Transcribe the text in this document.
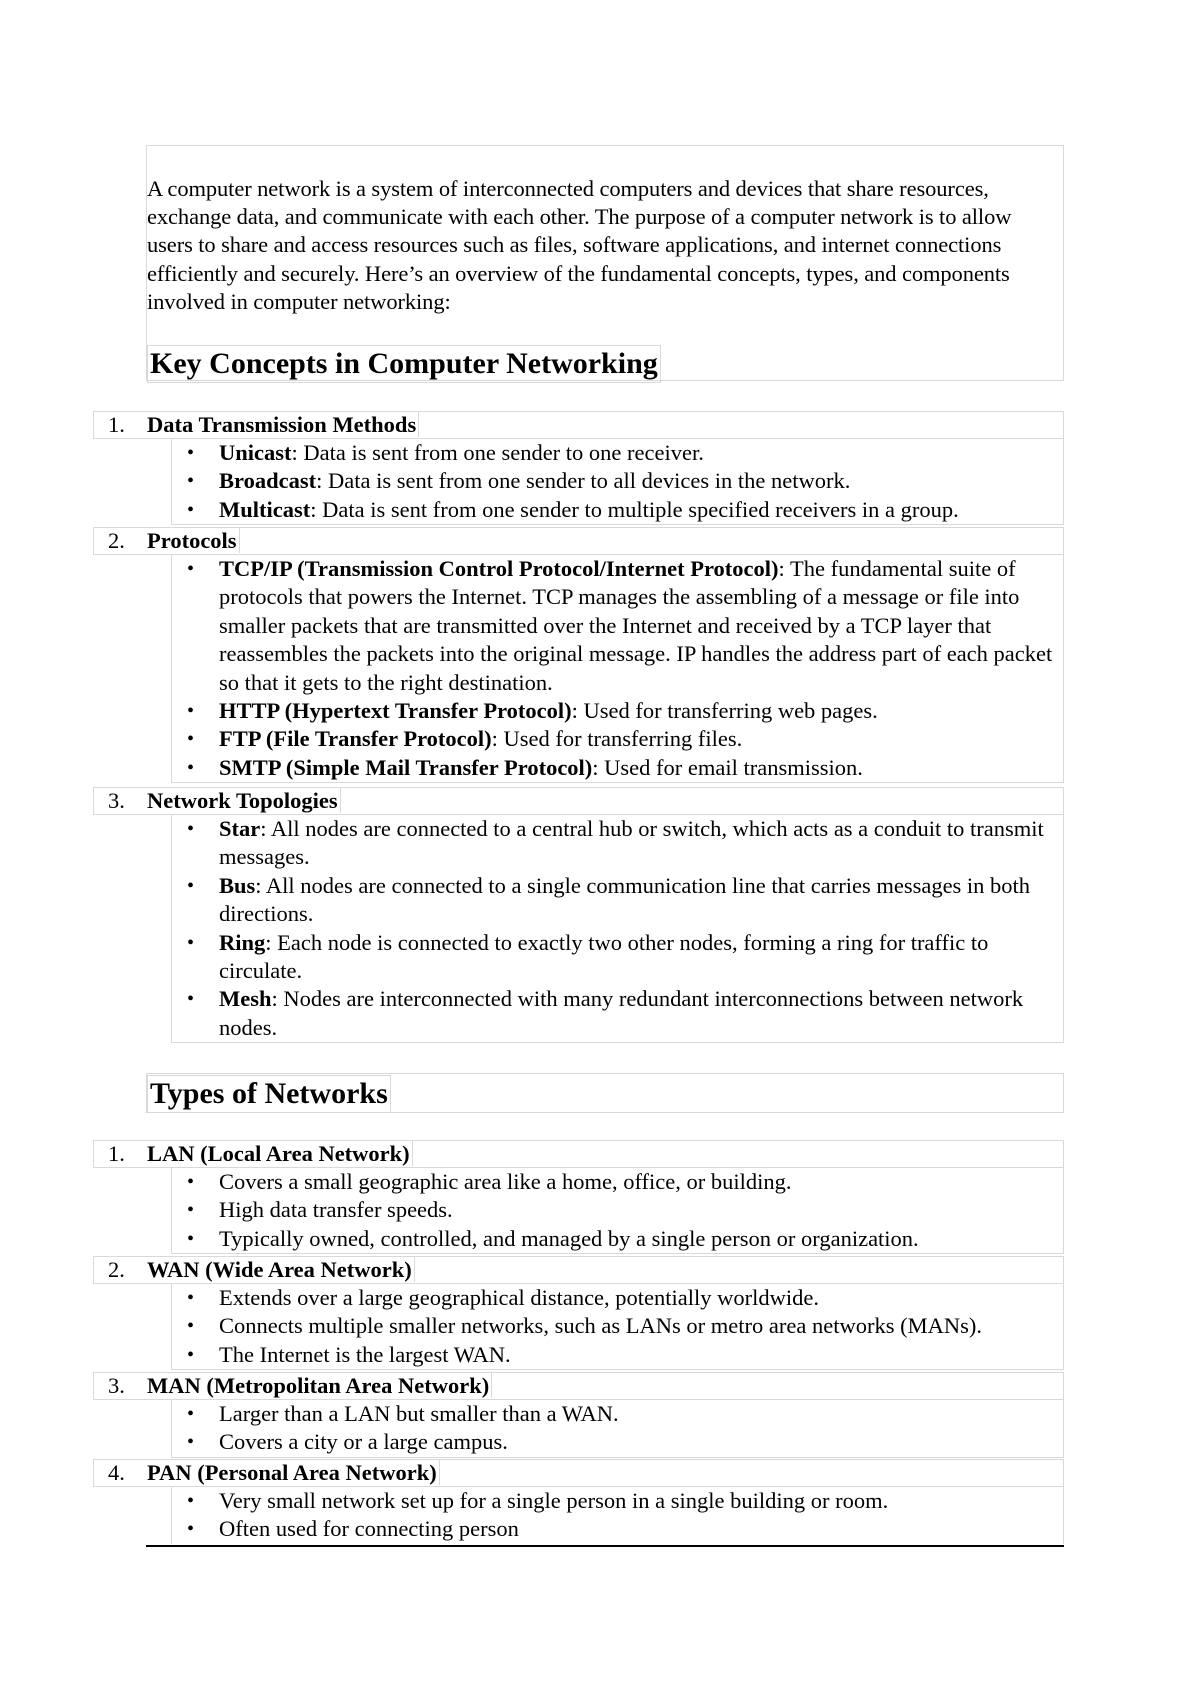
A computer network is a system of interconnected computers and devices that share resources, exchange data, and communicate with each other. The purpose of a computer network is to allow users to share and access resources such as files, software applications, and internet connections efficiently and securely. Here’s an overview of the fundamental concepts, types, and components involved in computer networking:

Key Concepts in Computer Networking
1. Data Transmission Methods
• Unicast: Data is sent from one sender to one receiver.
• Broadcast: Data is sent from one sender to all devices in the network.
• Multicast: Data is sent from one sender to multiple specified receivers in a group.
2. Protocols
• TCP/IP (Transmission Control Protocol/Internet Protocol): The fundamental suite of protocols that powers the Internet. TCP manages the assembling of a message or file into smaller packets that are transmitted over the Internet and received by a TCP layer that reassembles the packets into the original message. IP handles the address part of each packet so that it gets to the right destination.
• HTTP (Hypertext Transfer Protocol): Used for transferring web pages.
• FTP (File Transfer Protocol): Used for transferring files.
• SMTP (Simple Mail Transfer Protocol): Used for email transmission.
3. Network Topologies
• Star: All nodes are connected to a central hub or switch, which acts as a conduit to transmit messages.
• Bus: All nodes are connected to a single communication line that carries messages in both directions.
• Ring: Each node is connected to exactly two other nodes, forming a ring for traffic to circulate.
• Mesh: Nodes are interconnected with many redundant interconnections between network nodes.
Types of Networks
1. LAN (Local Area Network)
• Covers a small geographic area like a home, office, or building.
• High data transfer speeds.
• Typically owned, controlled, and managed by a single person or organization.
2. WAN (Wide Area Network)
• Extends over a large geographical distance, potentially worldwide.
• Connects multiple smaller networks, such as LANs or metro area networks (MANs).
• The Internet is the largest WAN.
3. MAN (Metropolitan Area Network)
• Larger than a LAN but smaller than a WAN.
• Covers a city or a large campus.
4. PAN (Personal Area Network)
• Very small network set up for a single person in a single building or room.
• Often used for connecting person
